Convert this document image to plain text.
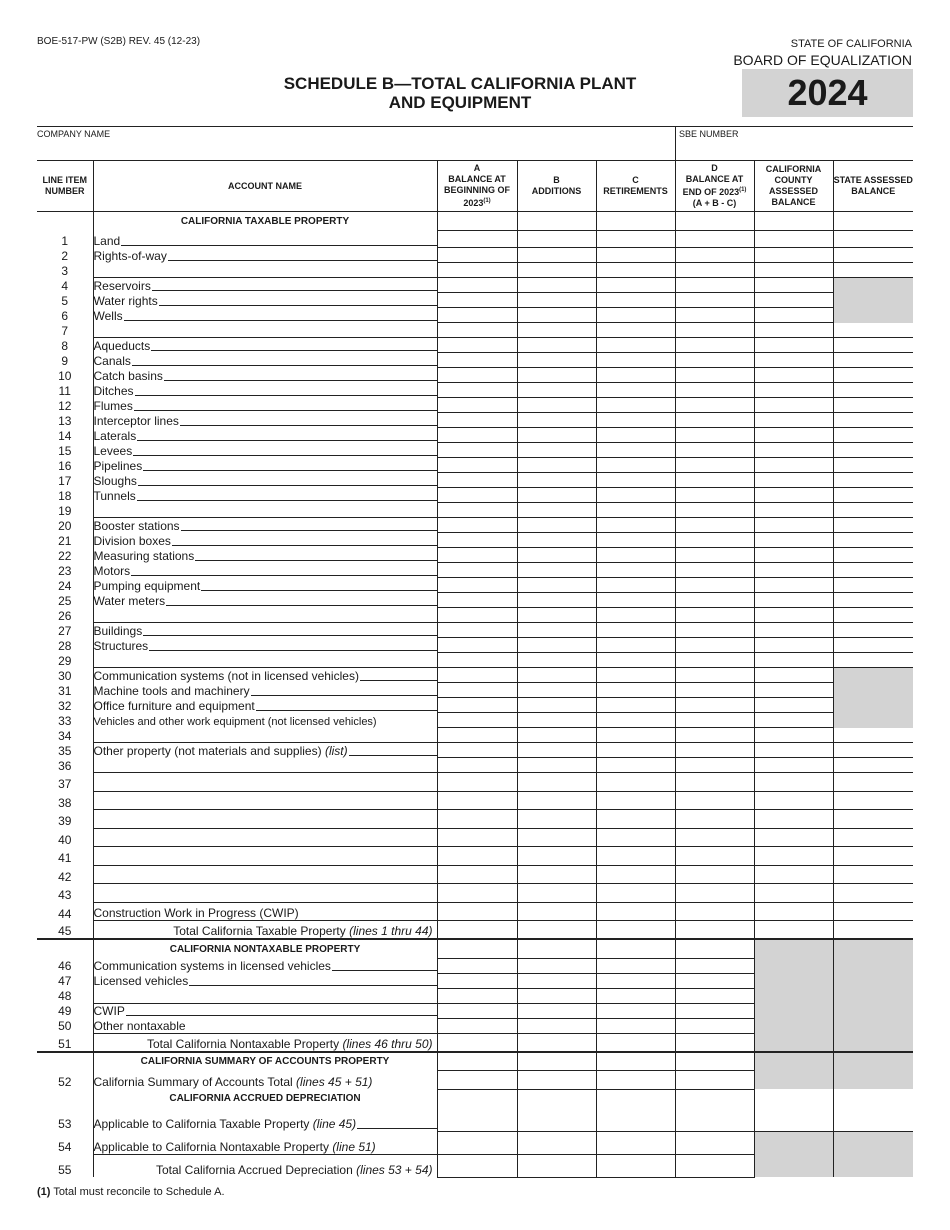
BOE-517-PW (S2B) REV. 45 (12-23)	STATE OF CALIFORNIA
BOARD OF EQUALIZATION
2024
SCHEDULE B—TOTAL CALIFORNIA PLANT
AND EQUIPMENT
COMPANY NAME	SBE NUMBER
LINE ITEM NUMBER	ACCOUNT NAME	A
BALANCE AT BEGINNING OF 2023$^{(1)}$	B
ADDITIONS	C
RETIREMENTS	D
BALANCE AT END OF 2023$^{(1)}$
(A + B - C)	CALIFORNIA COUNTY ASSESSED BALANCE	STATE ASSESSED BALANCE
	CALIFORNIA TAXABLE PROPERTY						
1	Land						

2	Rights-of-way						

3	

4	Reservoirs						

5	Water rights						

6	Wells						

7	

8	Aqueducts						

9	Canals						

10	Catch basins						

11	Ditches						

12	Flumes						

13	Interceptor lines						

14	Laterals						

15	Levees						

16	Pipelines						

17	Sloughs						

18	Tunnels						

19	

20	Booster stations						

21	Division boxes						

22	Measuring stations						

23	Motors						

24	Pumping equipment						

25	Water meters						

26	

27	Buildings						

28	Structures						

29	

30	Communication systems (not in licensed vehicles)						

31	Machine tools and machinery						

32	Office furniture and equipment						

33	Vehicles and other work equipment (not licensed vehicles)						

34	

35	Other property (not materials and supplies) (list)						

36	

37	

38	

39	

40	

41	

42	

43	

44	Construction Work in Progress (CWIP)						

45	Total California Taxable Property (lines 1 thru 44)						

	CALIFORNIA NONTAXABLE PROPERTY						
46	Communication systems in licensed vehicles						

47	Licensed vehicles						

48	

49	CWIP						

50	Other nontaxable						

51	Total California Nontaxable Property (lines 46 thru 50)						

	CALIFORNIA SUMMARY OF ACCOUNTS PROPERTY						
52	California Summary of Accounts Total (lines 45 + 51)						

	CALIFORNIA ACCRUED DEPRECIATION						
53	Applicable to California Taxable Property (line 45)						

54	Applicable to California Nontaxable Property (line 51)						

55	Total California Accrued Depreciation (lines 53 + 54)						

(1) Total must reconcile to Schedule A.
